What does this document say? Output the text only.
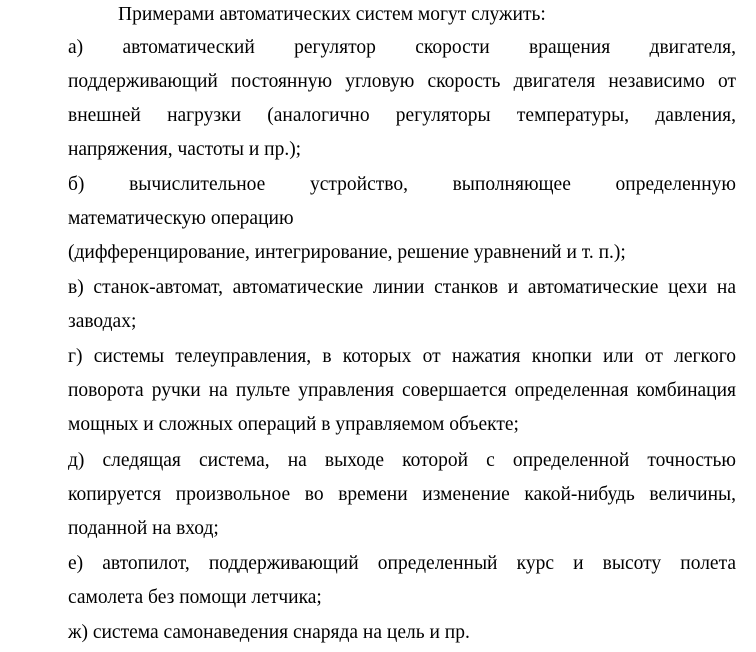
Примерами автоматических систем могут служить:
а) автоматический регулятор скорости вращения двигателя,
поддерживающий постоянную угловую скорость двигателя независимо от
внешней нагрузки (аналогично регуляторы температуры, давления,
напряжения, частоты и пр.);
б) вычислительное устройство, выполняющее определенную
математическую операцию
(дифференцирование, интегрирование, решение уравнений и т. п.);
в) станок-автомат, автоматические линии станков и автоматические цехи на
заводах;
г) системы телеуправления, в которых от нажатия кнопки или от легкого
поворота ручки на пульте управления совершается определенная комбинация
мощных и сложных операций в управляемом объекте;
д) следящая система, на выходе которой с определенной точностью
копируется произвольное во времени изменение какой-нибудь величины,
поданной на вход;
е) автопилот, поддерживающий определенный курс и высоту полета
самолета без помощи летчика;
ж) система самонаведения снаряда на цель и пр.
